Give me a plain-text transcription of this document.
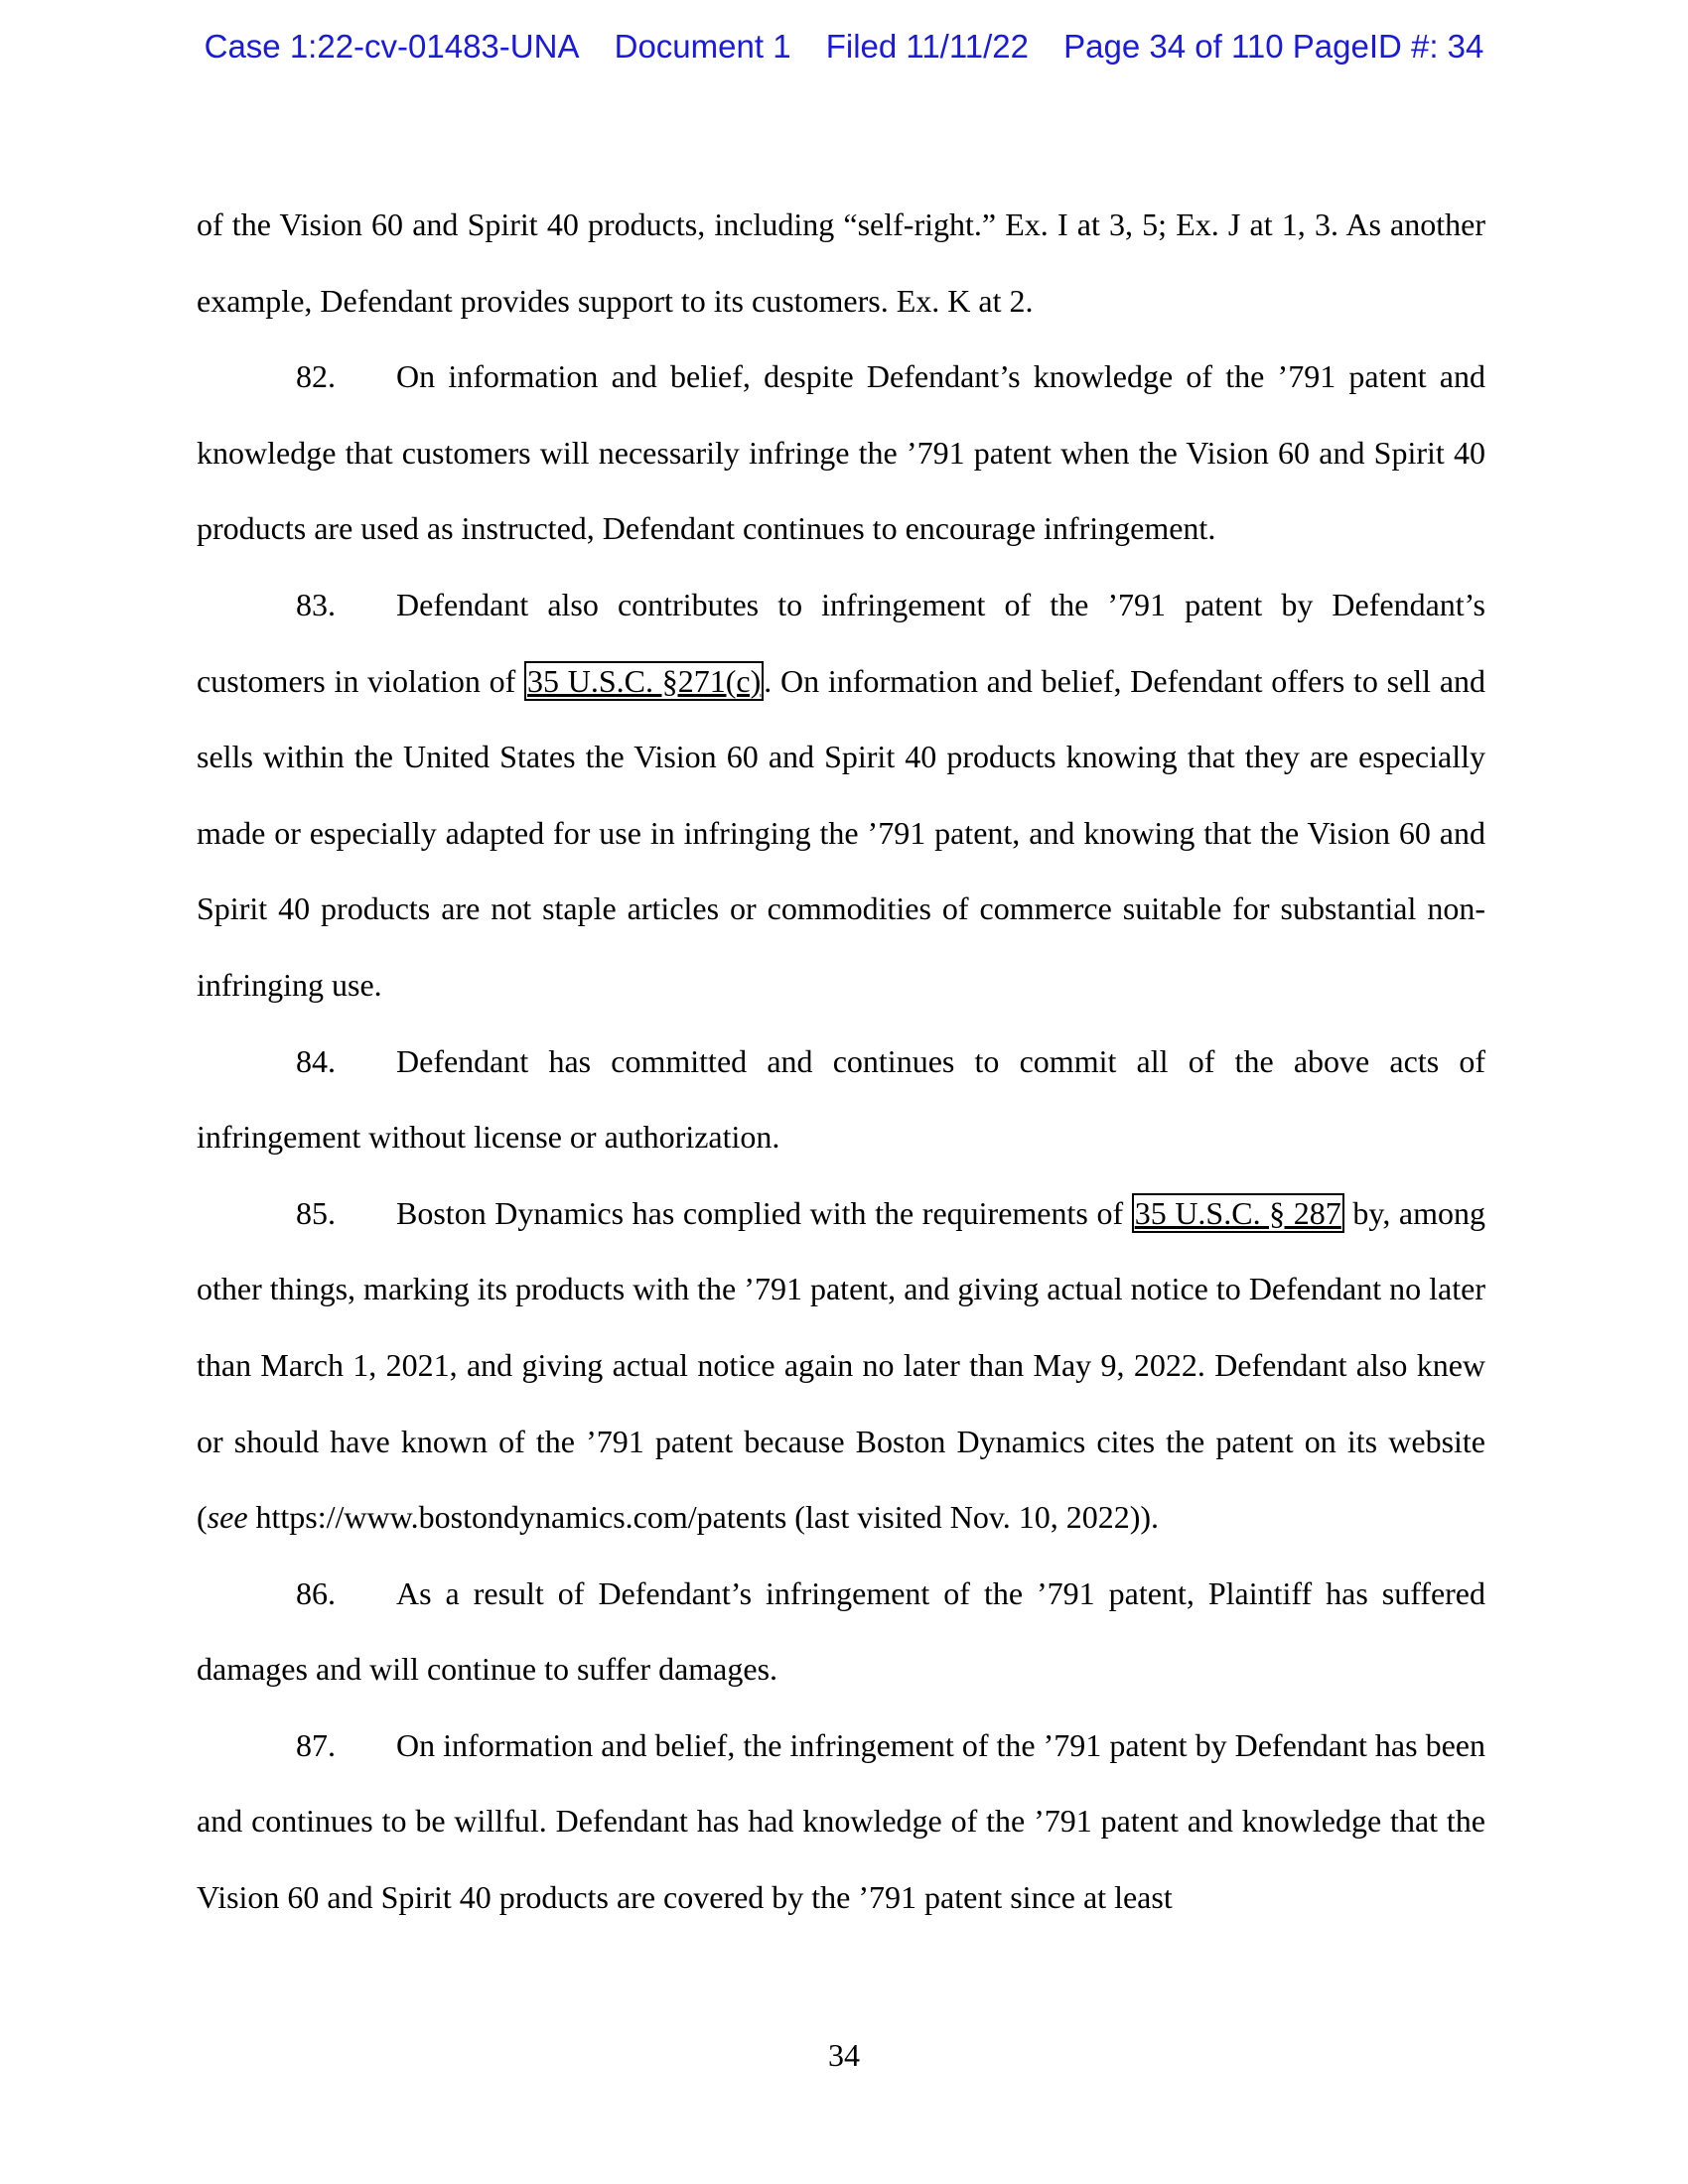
Case 1:22-cv-01483-UNA Document 1 Filed 11/11/22 Page 34 of 110 PageID #: 34

of the Vision 60 and Spirit 40 products, including “self-right.” Ex. I at 3, 5; Ex. J at 1, 3. As another example, Defendant provides support to its customers. Ex. K at 2.

82. On information and belief, despite Defendant’s knowledge of the ’791 patent and knowledge that customers will necessarily infringe the ’791 patent when the Vision 60 and Spirit 40 products are used as instructed, Defendant continues to encourage infringement.

83. Defendant also contributes to infringement of the ’791 patent by Defendant’s customers in violation of 35 U.S.C. §271(c). On information and belief, Defendant offers to sell and sells within the United States the Vision 60 and Spirit 40 products knowing that they are especially made or especially adapted for use in infringing the ’791 patent, and knowing that the Vision 60 and Spirit 40 products are not staple articles or commodities of commerce suitable for substantial non-infringing use.

84. Defendant has committed and continues to commit all of the above acts of infringement without license or authorization.

85. Boston Dynamics has complied with the requirements of 35 U.S.C. § 287 by, among other things, marking its products with the ’791 patent, and giving actual notice to Defendant no later than March 1, 2021, and giving actual notice again no later than May 9, 2022. Defendant also knew or should have known of the ’791 patent because Boston Dynamics cites the patent on its website (see https://www.bostondynamics.com/patents (last visited Nov. 10, 2022)).

86. As a result of Defendant’s infringement of the ’791 patent, Plaintiff has suffered damages and will continue to suffer damages.

87. On information and belief, the infringement of the ’791 patent by Defendant has been and continues to be willful. Defendant has had knowledge of the ’791 patent and knowledge that the Vision 60 and Spirit 40 products are covered by the ’791 patent since at least

34
